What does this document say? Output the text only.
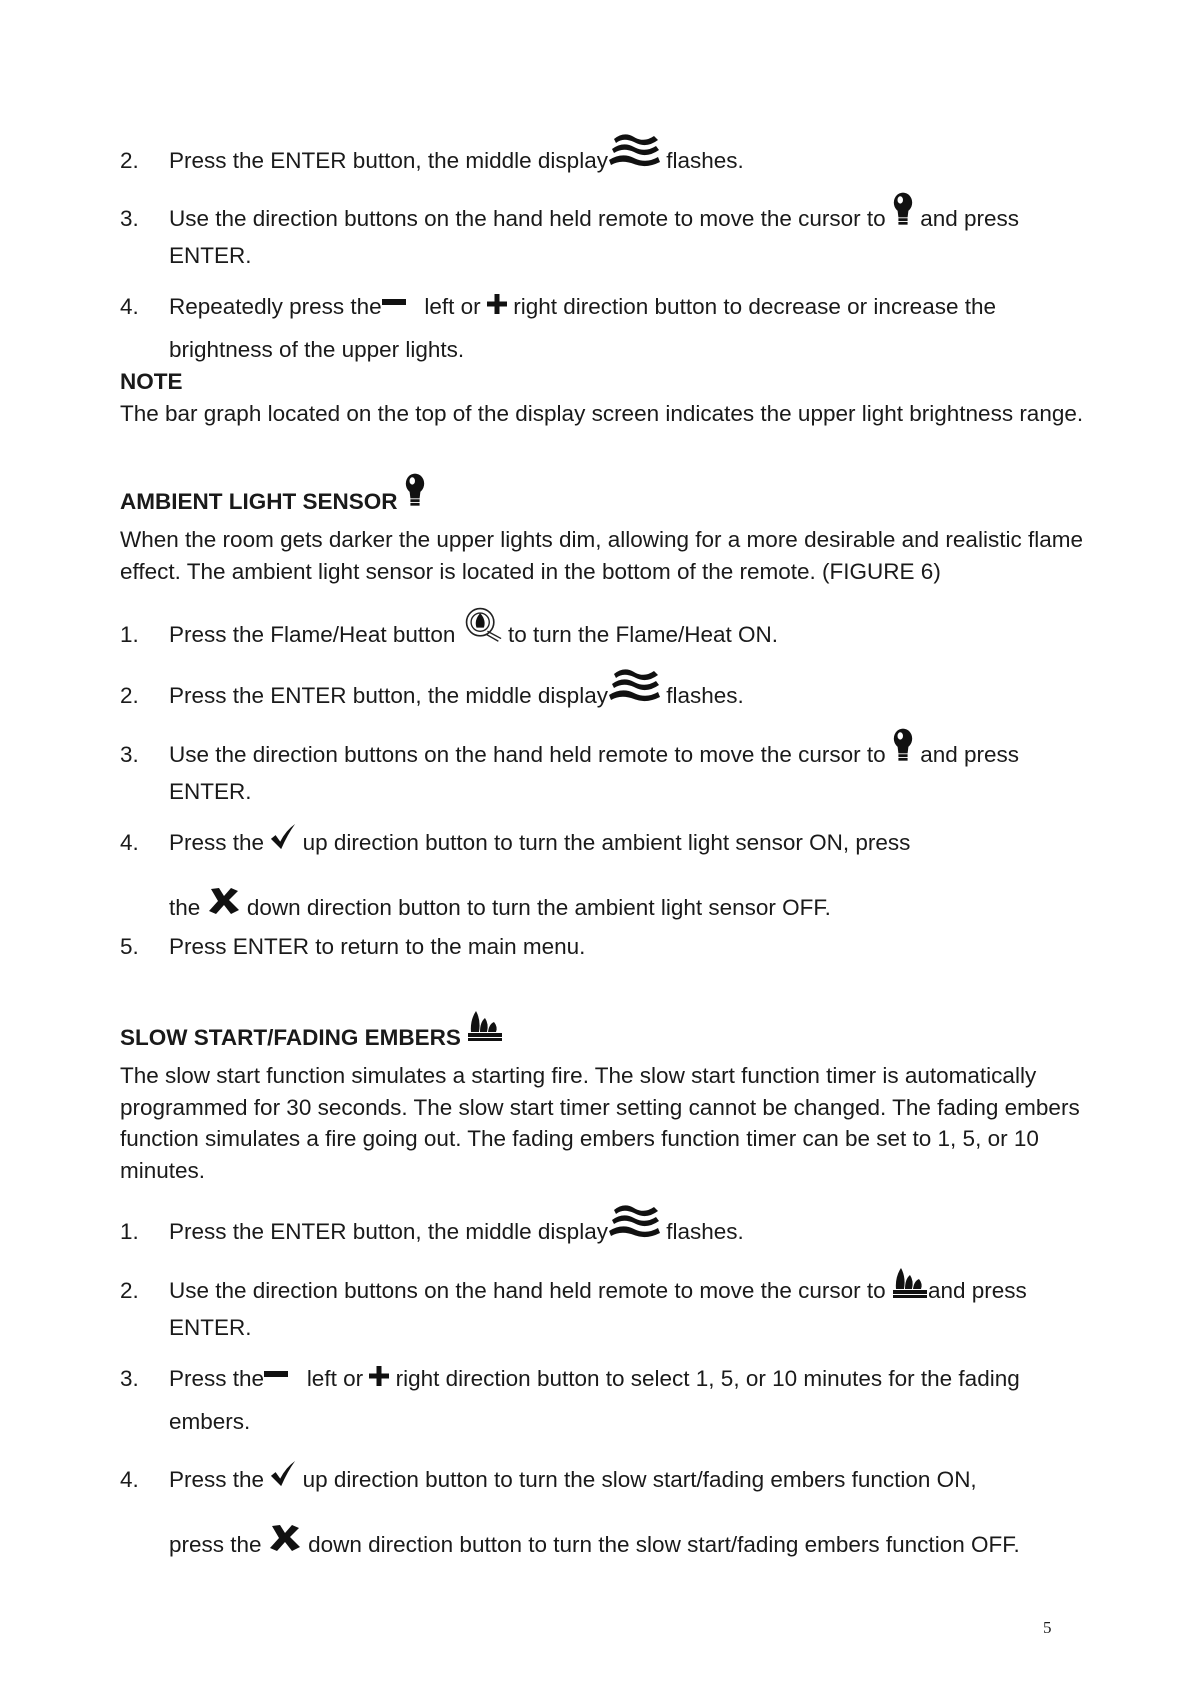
2. Press the ENTER button, the middle display	flashes.
3. Use the direction buttons on the hand held remote to move the cursor to and press
ENTER.
4. Repeatedly press the left or right direction button to decrease or increase the
brightness of the upper lights.
NOTE
The bar graph located on the top of the display screen indicates the upper light brightness range.
AMBIENT LIGHT SENSOR
When the room gets darker the upper lights dim, allowing for a more desirable and realistic flame effect. The ambient light sensor is located in the bottom of the remote. (FIGURE 6)
1. Press the Flame/Heat button to turn the Flame/Heat ON.
2. Press the ENTER button, the middle display	flashes.
3. Use the direction buttons on the hand held remote to move the cursor to and press
ENTER.
4. Press the up direction button to turn the ambient light sensor ON, press
the down direction button to turn the ambient light sensor OFF.
5. Press ENTER to return to the main menu.
SLOW START/FADING EMBERS
The slow start function simulates a starting fire. The slow start function timer is automatically programmed for 30 seconds. The slow start timer setting cannot be changed. The fading embers function simulates a fire going out. The fading embers function timer can be set to 1, 5, or 10 minutes.
1. Press the ENTER button, the middle display	flashes.
2. Use the direction buttons on the hand held remote to move the cursor to and press
ENTER.
3. Press the left or right direction button to select 1, 5, or 10 minutes for the fading
embers.
4. Press the up direction button to turn the slow start/fading embers function ON,
press the down direction button to turn the slow start/fading embers function OFF.
5
